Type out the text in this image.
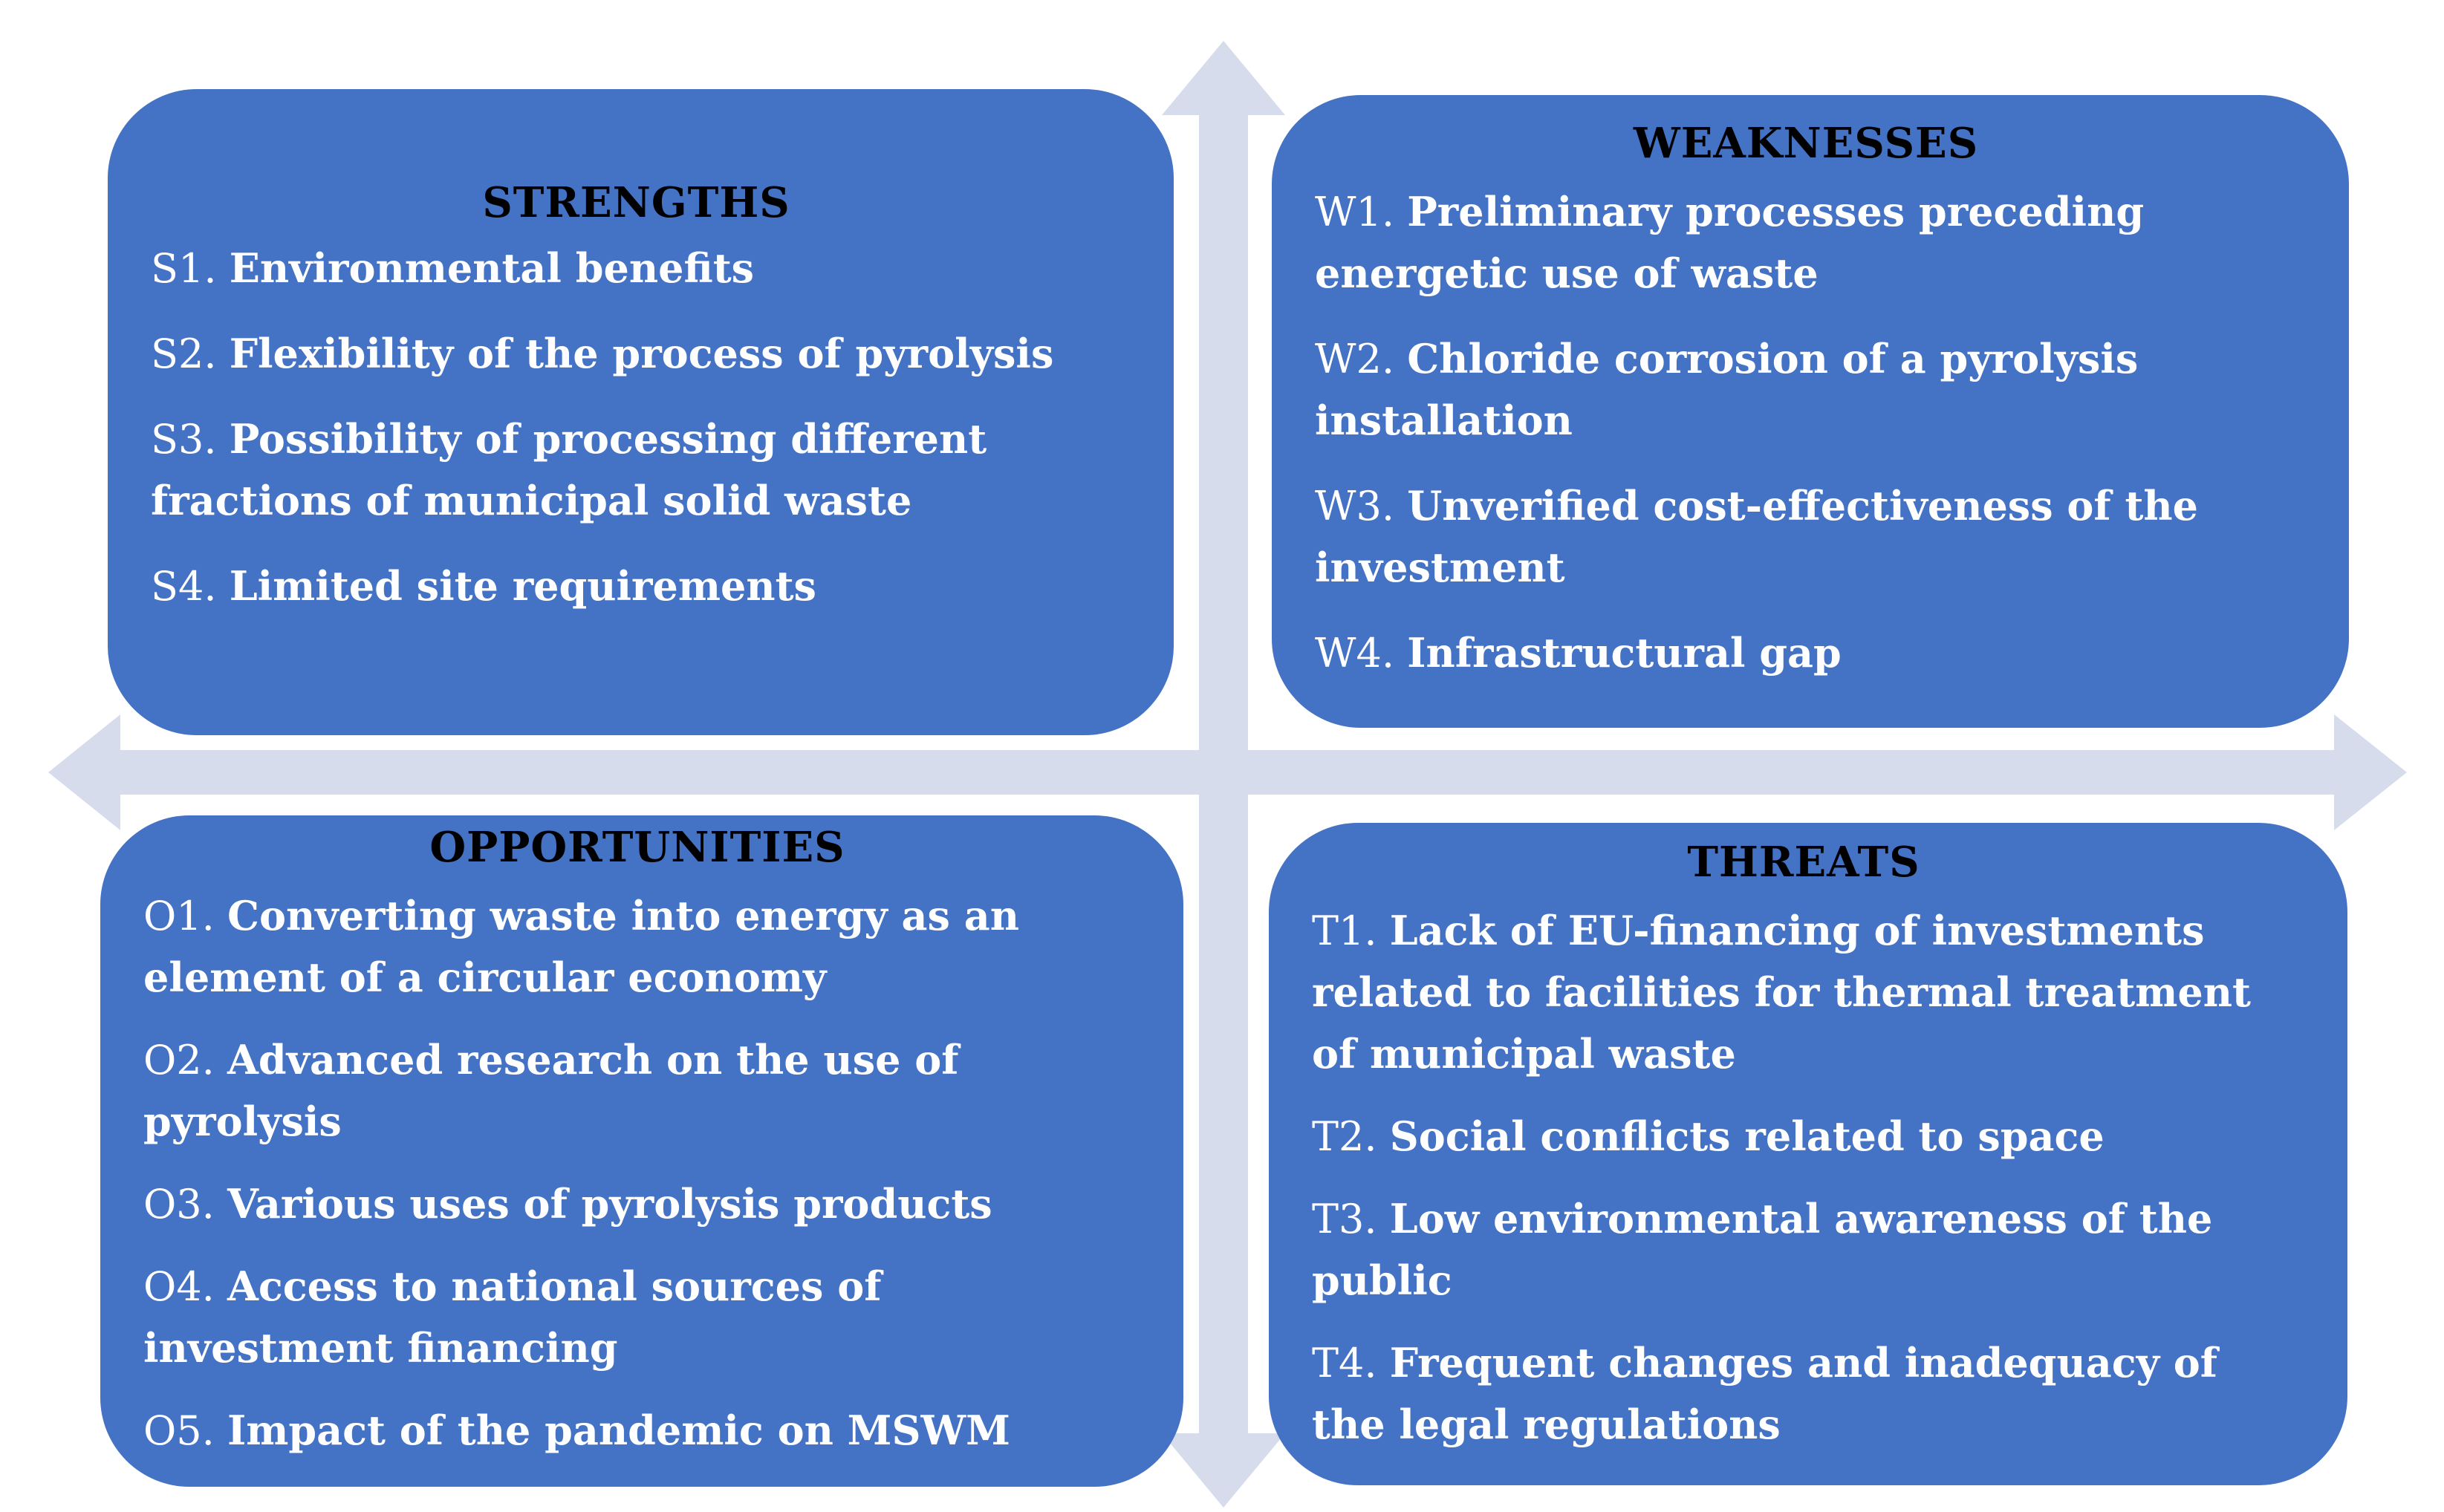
STRENGTHS
S1. Environmental benefits
S2. Flexibility of the process of pyrolysis
S3. Possibility of processing different fractions of municipal solid waste
S4. Limited site requirements
WEAKNESSES
W1. Preliminary processes preceding energetic use of waste
W2. Chloride corrosion of a pyrolysis installation
W3. Unverified cost-effectiveness of the investment
W4. Infrastructural gap
OPPORTUNITIES
O1. Converting waste into energy as an element of a circular economy
O2. Advanced research on the use of pyrolysis
O3. Various uses of pyrolysis products
O4. Access to national sources of investment financing
O5. Impact of the pandemic on MSWM
THREATS
T1. Lack of EU-financing of investments related to facilities for thermal treatment of municipal waste
T2. Social conflicts related to space
T3. Low environmental awareness of the public
T4. Frequent changes and inadequacy of the legal regulations
